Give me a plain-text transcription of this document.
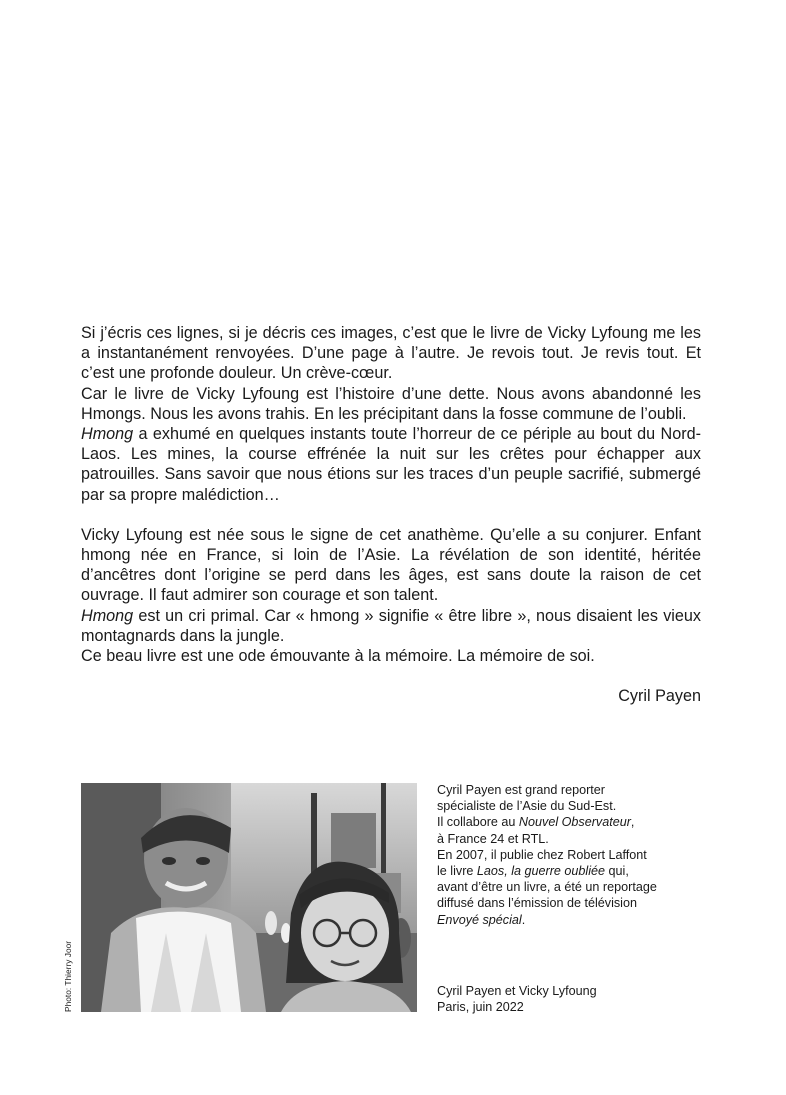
Si j’écris ces lignes, si je décris ces images, c’est que le livre de Vicky Lyfoung me les a instantanément renvoyées. D’une page à l’autre. Je revois tout. Je revis tout. Et c’est une profonde douleur. Un crève-cœur.

Car le livre de Vicky Lyfoung est l’histoire d’une dette. Nous avons abandonné les Hmongs. Nous les avons trahis. En les précipitant dans la fosse commune de l’oubli.

Hmong a exhumé en quelques instants toute l’horreur de ce périple au bout du Nord-Laos. Les mines, la course effrénée la nuit sur les crêtes pour échapper aux patrouilles. Sans savoir que nous étions sur les traces d’un peuple sacrifié, submergé par sa propre malédiction…

Vicky Lyfoung est née sous le signe de cet anathème. Qu’elle a su conjurer. Enfant hmong née en France, si loin de l’Asie. La révélation de son identité, héritée d’ancêtres dont l’origine se perd dans les âges, est sans doute la raison de cet ouvrage. Il faut admirer son courage et son talent.

Hmong est un cri primal. Car « hmong » signifie « être libre », nous disaient les vieux montagnards dans la jungle.

Ce beau livre est une ode émouvante à la mémoire. La mémoire de soi.

Cyril Payen

Photo: Thierry Joor

Cyril Payen est grand reporter

spécialiste de l’Asie du Sud-Est.

Il collabore au Nouvel Observateur,

à France 24 et RTL.

En 2007, il publie chez Robert Laffont

le livre Laos, la guerre oubliée qui,

avant d’être un livre, a été un reportage

diffusé dans l’émission de télévision

Envoyé spécial.

Cyril Payen et Vicky Lyfoung

Paris, juin 2022
